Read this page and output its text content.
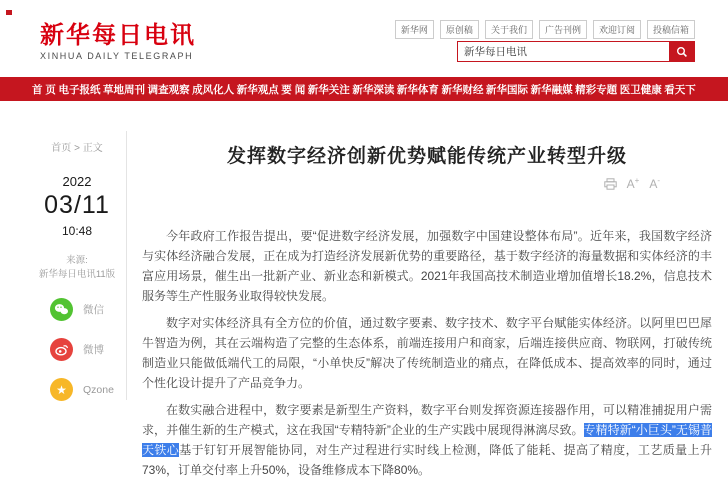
新华每日电讯
XINHUA DAILY TELEGRAPH
新华网	原创稿	关于我们	广告刊例	欢迎订阅	投稿信箱
新华每日电讯
首 页 电子报纸 草地周刊 调查观察 成风化人 新华观点 要 闻 新华关注 新华深读 新华体育 新华财经 新华国际 新华融媒 精彩专题 医卫健康 看天下
首页 > 正文
2022
03/11
10:48
来源:
新华每日电讯11版
微信
微博
★	Qzone
发挥数字经济创新优势赋能传统产业转型升级
A+ A-

今年政府工作报告提出，要“促进数字经济发展，加强数字中国建设整体布局”。近年来，我国数字经济与实体经济融合发展，正在成为打造经济发展新优势的重要路径，基于数字经济的海量数据和实体经济的丰富应用场景，催生出一批新产业、新业态和新模式。2021年我国高技术制造业增加值增长18.2%，信息技术服务等生产性服务业取得较快发展。

数字对实体经济具有全方位的价值，通过数字要素、数字技术、数字平台赋能实体经济。以阿里巴巴犀牛智造为例，其在云端构造了完整的生态体系，前端连接用户和商家，后端连接供应商、物联网，打破传统制造业只能做低端代工的局限，“小单快反”解决了传统制造业的痛点，在降低成本、提高效率的同时，通过个性化设计提升了产品竞争力。

在数实融合进程中，数字要素是新型生产资料，数字平台则发挥资源连接器作用，可以精准捕捉用户需求，并催生新的生产模式，这在我国“专精特新”企业的生产实践中展现得淋漓尽致。专精特新“小巨头”无锡普天铁心基于钉钉开展智能协同，对生产过程进行实时线上检测，降低了能耗、提高了精度，工艺质量上升73%，订单交付率上升50%，设备维修成本下降80%。
